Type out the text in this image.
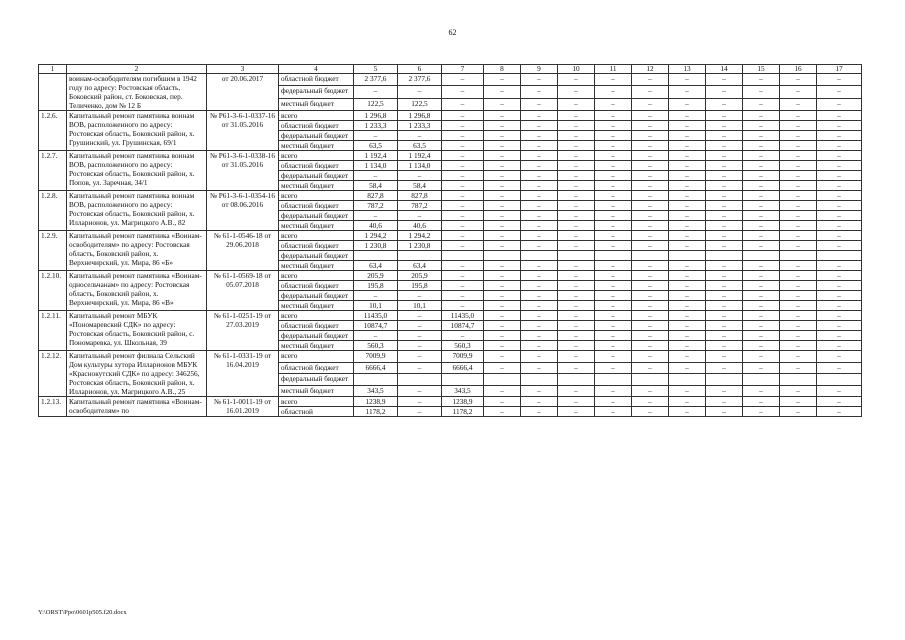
62
1	2	3	4	5	6	7	8	9	10	11	12	13	14	15	16	17
	воинам-освободителям погибшим в 1942 году по адресу: Ростовская область, Боковский район, ст. Боковская, пер. Теличенко, дом № 12 Б	от 20.06.2017	областной бюджет	2 377,6	2 377,6	–	–	–	–	–	–	–	–	–	–	–
			федеральный бюджет	–	–	–	–	–	–	–	–	–	–	–	–	–
			местный бюджет	122,5	122,5	–	–	–	–	–	–	–	–	–	–	–
1.2.6.	Капитальный ремонт памятника воинам ВОВ, расположенного по адресу: Ростовская область, Боковский район, х. Грушинский, ул. Грушинская, 69/1	№ Р61-3-6-1-0337-16 от 31.05.2016	всего	1 296,8	1 296,8	–	–	–	–	–	–	–	–	–	–	–
			областной бюджет	1 233,3	1 233,3	–	–	–	–	–	–	–	–	–	–	–
			федеральный бюджет	–	–	–	–	–	–	–	–	–	–	–	–	–
			местный бюджет	63,5	63,5	–	–	–	–	–	–	–	–	–	–	–
1.2.7.	Капитальный ремонт памятника воинам ВОВ, расположенного по адресу: Ростовская область, Боковский район, х. Попов, ул. Заречная, 34/1	№ Р61-3-6-1-0338-16 от 31.05.2016	всего	1 192,4	1 192,4	–	–	–	–	–	–	–	–	–	–	–
			областной бюджет	1 134,0	1 134,0	–	–	–	–	–	–	–	–	–	–	–
			федеральный бюджет	–	–	–	–	–	–	–	–	–	–	–	–	–
			местный бюджет	58,4	58,4	–	–	–	–	–	–	–	–	–	–	–
1.2.8.	Капитальный ремонт памятника воинам ВОВ, расположенного по адресу: Ростовская область, Боковский район, х. Илларионов, ул. Магрицкого А.В., 82	№ Р61-3-6-1-0354-16 от 08.06.2016	всего	827,8	827,8	–	–	–	–	–	–	–	–	–	–	–
			областной бюджет	787,2	787,2	–	–	–	–	–	–	–	–	–	–	–
			федеральный бюджет	–	–	–	–	–	–	–	–	–	–	–	–	–
			местный бюджет	40,6	40,6	–	–	–	–	–	–	–	–	–	–	–
1.2.9.	Капитальный ремонт памятника «Воинам-освободителям» по адресу: Ростовская область, Боковский район, х. Верхнечирский, ул. Мира, 86 «Б»	№ 61-1-0546-18 от 29.06.2018	всего	1 294,2	1 294,2	–	–	–	–	–	–	–	–	–	–	–
			областной бюджет	1 230,8	1 230,8	–	–	–	–	–	–	–	–	–	–	–
			федеральный бюджет													
			местный бюджет	63,4	63,4	–	–	–	–	–	–	–	–	–	–	–
1.2.10.	Капитальный ремонт памятника «Воинам-односельчанам» по адресу: Ростовская область, Боковский район, х. Верхнечирский, ул. Мира, 86 «В»	№ 61-1-0569-18 от 05.07.2018	всего	205,9	205,9	–	–	–	–	–	–	–	–	–	–	–
			областной бюджет	195,8	195,8	–	–	–	–	–	–	–	–	–	–	–
			федеральный бюджет	–	–	–	–	–	–	–	–	–	–	–	–	–
			местный бюджет	10,1	10,1	–	–	–	–	–	–	–	–	–	–	–
1.2.11.	Капитальный ремонт МБУК «Пономаревский СДК» по адресу: Ростовская область, Боковский район, с. Пономаревка, ул. Школьная, 39	№ 61-1-0251-19 от 27.03.2019	всего	11435,0	–	11435,0	–	–	–	–	–	–	–	–	–	–
			областной бюджет	10874,7	–	10874,7	–	–	–	–	–	–	–	–	–	–
			федеральный бюджет	–	–	–	–	–	–	–	–	–	–	–	–	–
			местный бюджет	560,3	–	560,3	–	–	–	–	–	–	–	–	–	–
1.2.12.	Капитальный ремонт филиала Сельский Дом культуры хутора Илларионов МБУК «Краснокутский СДК» по адресу: 346256, Ростовская область, Боковский район, х. Илларионов, ул. Магрицкого А.В., 25	№ 61-1-0331-19 от 16.04.2019	всего	7009,9	–	7009,9	–	–	–	–	–	–	–	–	–	–
			областной бюджет	6666,4	–	6666,4	–	–	–	–	–	–	–	–	–	–
			федеральный бюджет													
			местный бюджет	343,5	–	343,5	–	–	–	–	–	–	–	–	–	–
1.2.13.	Капитальный ремонт памятника «Воинам-освободителям» по	№ 61-1-0011-19 от 16.01.2019	всего	1238,9	–	1238,9	–	–	–	–	–	–	–	–	–	–
			областной	1178,2	–	1178,2	–	–	–	–	–	–	–	–	–	–
Y:\ORST\Ppo\0601p505.f20.docx
